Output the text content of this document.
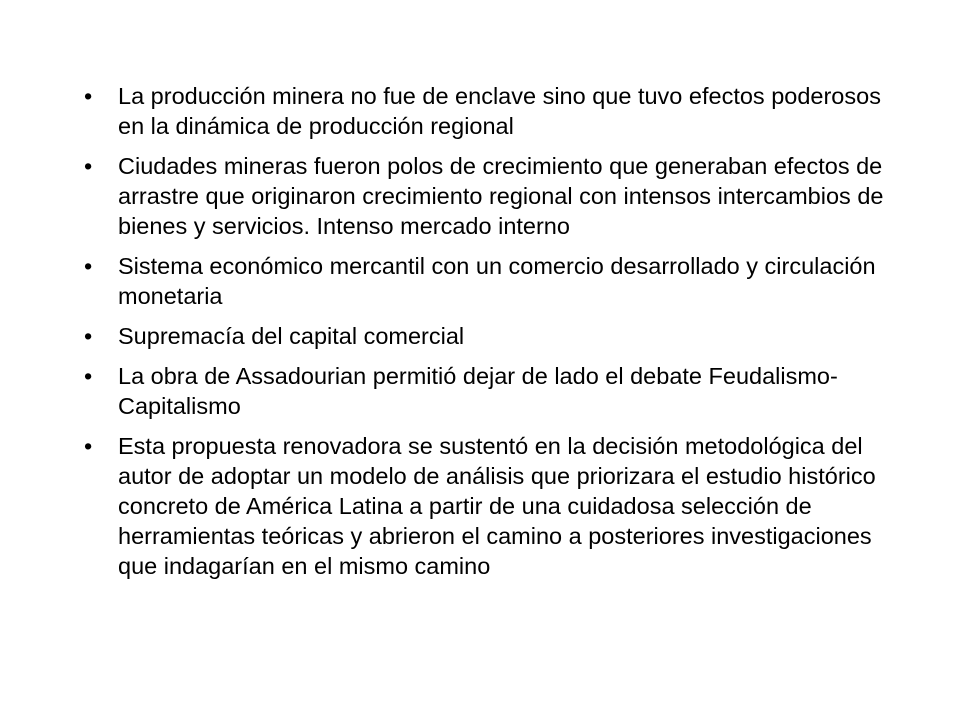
•	La producción minera no fue de enclave sino que tuvo efectos poderosos en la dinámica de producción regional
•	Ciudades mineras fueron polos de crecimiento que generaban efectos de arrastre que originaron crecimiento regional con intensos intercambios de bienes y servicios. Intenso mercado interno
•	Sistema económico mercantil con un comercio desarrollado y circulación monetaria
•	Supremacía del capital comercial
•	La obra de Assadourian permitió dejar de lado el debate Feudalismo-Capitalismo
•	Esta propuesta renovadora se sustentó en la decisión metodológica del autor de adoptar un modelo de análisis que priorizara el estudio histórico concreto de América Latina a partir de una cuidadosa selección de herramientas teóricas y abrieron el camino a posteriores investigaciones que indagarían en el mismo camino
